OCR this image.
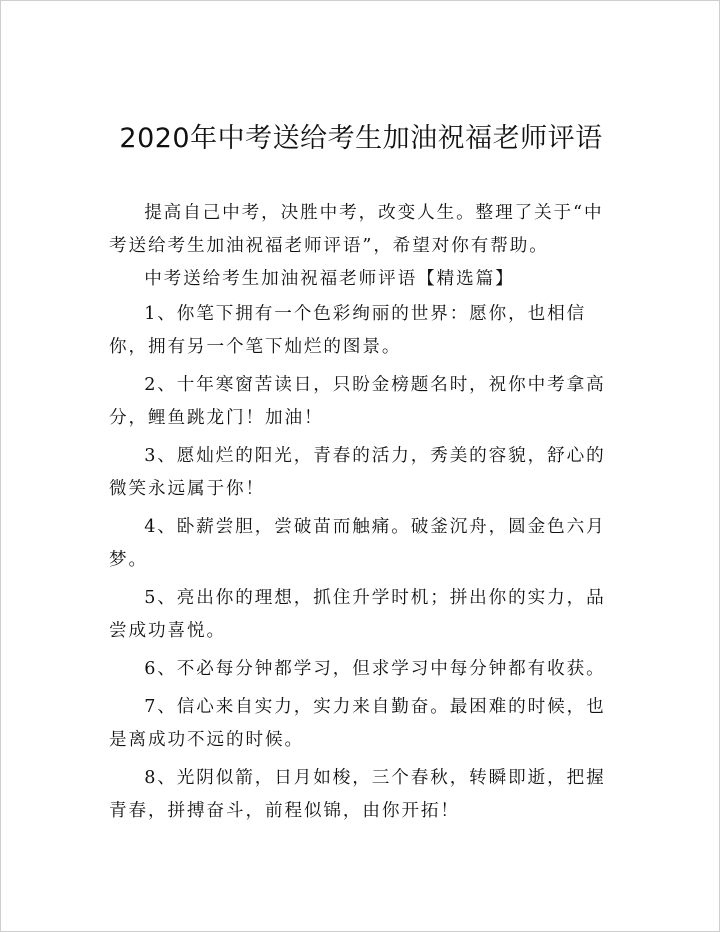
2020年中考送给考生加油祝福老师评语

提高自己中考，决胜中考，改变人生。整理了关于“中考送给考生加油祝福老师评语”，希望对你有帮助。

中考送给考生加油祝福老师评语【精选篇】

1、你笔下拥有一个色彩绚丽的世界：愿你，也相信你，拥有另一个笔下灿烂的图景。

2、十年寒窗苦读日，只盼金榜题名时，祝你中考拿高分，鲤鱼跳龙门！加油！

3、愿灿烂的阳光，青春的活力，秀美的容貌，舒心的微笑永远属于你！

4、卧薪尝胆，尝破苗而触痛。破釜沉舟，圆金色六月梦。

5、亮出你的理想，抓住升学时机；拼出你的实力，品尝成功喜悦。

6、不必每分钟都学习，但求学习中每分钟都有收获。

7、信心来自实力，实力来自勤奋。最困难的时候，也是离成功不远的时候。

8、光阴似箭，日月如梭，三个春秋，转瞬即逝，把握青春，拼搏奋斗，前程似锦，由你开拓！
